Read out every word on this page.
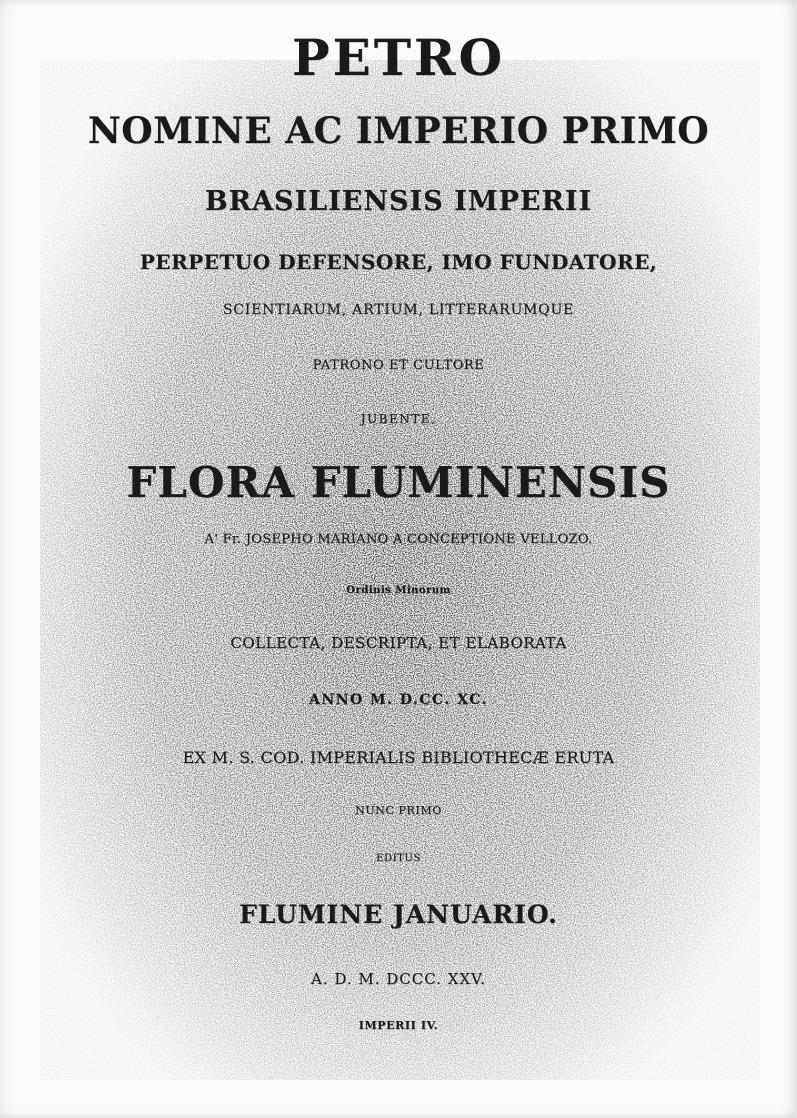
PETRO
NOMINE AC IMPERIO PRIMO
BRASILIENSIS IMPERII
PERPETUO DEFENSORE, IMO FUNDATORE,
SCIENTIARUM, ARTIUM, LITTERARUMQUE
PATRONO ET CULTORE
JUBENTE,
FLORA FLUMINENSIS
A' Fr. JOSEPHO MARIANO A CONCEPTIONE VELLOZO.
Ordinis Minorum
COLLECTA, DESCRIPTA, ET ELABORATA
ANNO M. D.CC. XC.
EX M. S. COD. IMPERIALIS BIBLIOTHECÆ ERUTA
NUNC PRIMO
EDITUS
FLUMINE JANUARIO.
A. D. M. DCCC. XXV.
IMPERII IV.
